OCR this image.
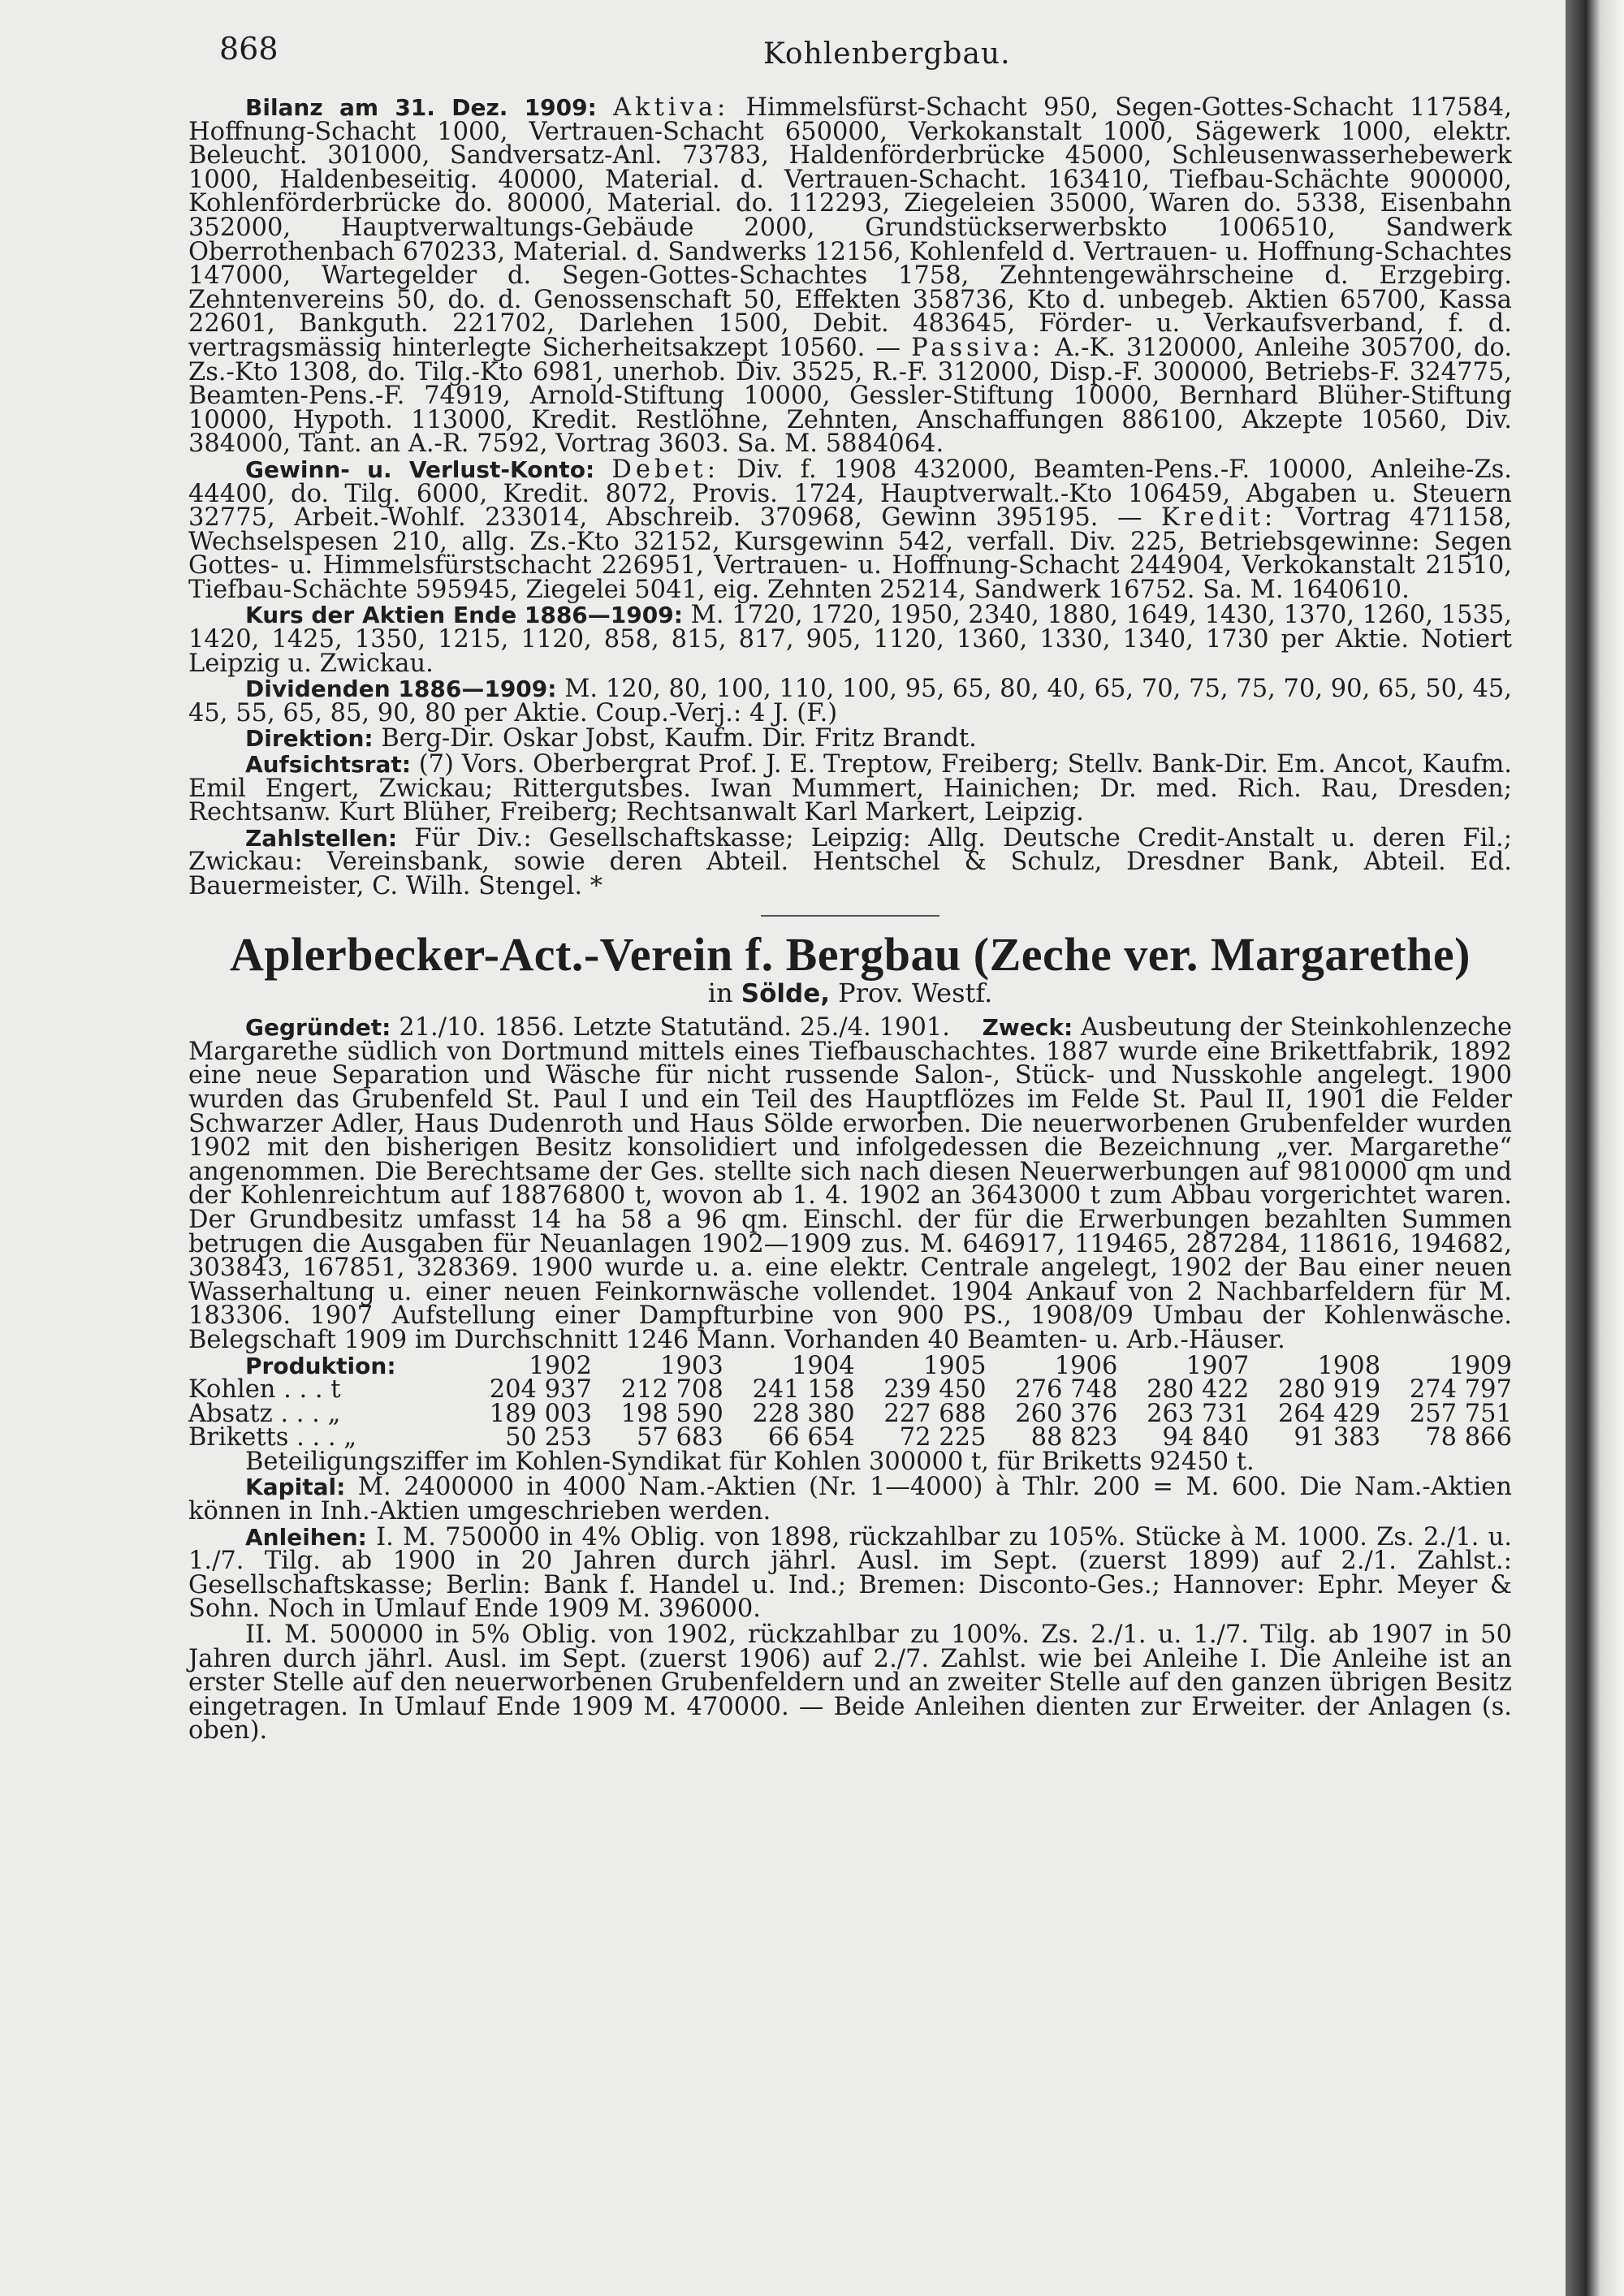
868	Kohlenbergbau.

Bilanz am 31. Dez. 1909: Aktiva: Himmelsfürst-Schacht 950, Segen-Gottes-Schacht 117584, Hoffnung-Schacht 1000, Vertrauen-Schacht 650000, Verkokanstalt 1000, Sägewerk 1000, elektr. Beleucht. 301000, Sandversatz-Anl. 73783, Haldenförderbrücke 45000, Schleusenwasserhebewerk 1000, Haldenbeseitig. 40000, Material. d. Vertrauen-Schacht. 163410, Tiefbau-Schächte 900000, Kohlenförderbrücke do. 80000, Material. do. 112293, Ziegeleien 35000, Waren do. 5338, Eisenbahn 352000, Hauptverwaltungs-Gebäude 2000, Grundstückserwerbskto 1006510, Sandwerk Oberrothenbach 670233, Material. d. Sandwerks 12156, Kohlenfeld d. Vertrauen- u. Hoffnung-Schachtes 147000, Wartegelder d. Segen-Gottes-Schachtes 1758, Zehntengewährscheine d. Erzgebirg. Zehntenvereins 50, do. d. Genossenschaft 50, Effekten 358736, Kto d. unbegeb. Aktien 65700, Kassa 22601, Bankguth. 221702, Darlehen 1500, Debit. 483645, Förder- u. Verkaufsverband, f. d. vertragsmässig hinterlegte Sicherheitsakzept 10560. — Passiva: A.-K. 3120000, Anleihe 305700, do. Zs.-Kto 1308, do. Tilg.-Kto 6981, unerhob. Div. 3525, R.-F. 312000, Disp.-F. 300000, Betriebs-F. 324775, Beamten-Pens.-F. 74919, Arnold-Stiftung 10000, Gessler-Stiftung 10000, Bernhard Blüher-Stiftung 10000, Hypoth. 113000, Kredit. Restlöhne, Zehnten, Anschaffungen 886100, Akzepte 10560, Div. 384000, Tant. an A.-R. 7592, Vortrag 3603. Sa. M. 5884064.

Gewinn- u. Verlust-Konto: Debet: Div. f. 1908 432000, Beamten-Pens.-F. 10000, Anleihe-Zs. 44400, do. Tilg. 6000, Kredit. 8072, Provis. 1724, Hauptverwalt.-Kto 106459, Abgaben u. Steuern 32775, Arbeit.-Wohlf. 233014, Abschreib. 370968, Gewinn 395195. — Kredit: Vortrag 471158, Wechselspesen 210, allg. Zs.-Kto 32152, Kursgewinn 542, verfall. Div. 225, Betriebsgewinne: Segen Gottes- u. Himmelsfürstschacht 226951, Vertrauen- u. Hoffnung-Schacht 244904, Verkokanstalt 21510, Tiefbau-Schächte 595945, Ziegelei 5041, eig. Zehnten 25214, Sandwerk 16752. Sa. M. 1640610.

Kurs der Aktien Ende 1886—1909: M. 1720, 1720, 1950, 2340, 1880, 1649, 1430, 1370, 1260, 1535, 1420, 1425, 1350, 1215, 1120, 858, 815, 817, 905, 1120, 1360, 1330, 1340, 1730 per Aktie. Notiert Leipzig u. Zwickau.

Dividenden 1886—1909: M. 120, 80, 100, 110, 100, 95, 65, 80, 40, 65, 70, 75, 75, 70, 90, 65, 50, 45, 45, 55, 65, 85, 90, 80 per Aktie. Coup.-Verj.: 4 J. (F.)

Direktion: Berg-Dir. Oskar Jobst, Kaufm. Dir. Fritz Brandt.

Aufsichtsrat: (7) Vors. Oberbergrat Prof. J. E. Treptow, Freiberg; Stellv. Bank-Dir. Em. Ancot, Kaufm. Emil Engert, Zwickau; Rittergutsbes. Iwan Mummert, Hainichen; Dr. med. Rich. Rau, Dresden; Rechtsanw. Kurt Blüher, Freiberg; Rechtsanwalt Karl Markert, Leipzig.

Zahlstellen: Für Div.: Gesellschaftskasse; Leipzig: Allg. Deutsche Credit-Anstalt u. deren Fil.; Zwickau: Vereinsbank, sowie deren Abteil. Hentschel & Schulz, Dresdner Bank, Abteil. Ed. Bauermeister, C. Wilh. Stengel. *

Aplerbecker-Act.-Verein f. Bergbau (Zeche ver. Margarethe)
in Sölde, Prov. Westf.

Gegründet: 21./10. 1856. Letzte Statutänd. 25./4. 1901. Zweck: Ausbeutung der Steinkohlenzeche Margarethe südlich von Dortmund mittels eines Tiefbauschachtes. 1887 wurde eine Brikettfabrik, 1892 eine neue Separation und Wäsche für nicht russende Salon-, Stück- und Nusskohle angelegt. 1900 wurden das Grubenfeld St. Paul I und ein Teil des Hauptflözes im Felde St. Paul II, 1901 die Felder Schwarzer Adler, Haus Dudenroth und Haus Sölde erworben. Die neuerworbenen Grubenfelder wurden 1902 mit den bisherigen Besitz konsolidiert und infolgedessen die Bezeichnung „ver. Margarethe“ angenommen. Die Berechtsame der Ges. stellte sich nach diesen Neuerwerbungen auf 9810000 qm und der Kohlenreichtum auf 18876800 t, wovon ab 1. 4. 1902 an 3643000 t zum Abbau vorgerichtet waren. Der Grundbesitz umfasst 14 ha 58 a 96 qm. Einschl. der für die Erwerbungen bezahlten Summen betrugen die Ausgaben für Neuanlagen 1902—1909 zus. M. 646917, 119465, 287284, 118616, 194682, 303843, 167851, 328369. 1900 wurde u. a. eine elektr. Centrale angelegt, 1902 der Bau einer neuen Wasserhaltung u. einer neuen Feinkornwäsche vollendet. 1904 Ankauf von 2 Nachbarfeldern für M. 183306. 1907 Aufstellung einer Dampfturbine von 900 PS., 1908/09 Umbau der Kohlenwäsche. Belegschaft 1909 im Durchschnitt 1246 Mann. Vorhanden 40 Beamten- u. Arb.-Häuser.

Produktion:	1902	1903	1904	1905	1906	1907	1908	1909
Kohlen . . . t	204 937	212 708	241 158	239 450	276 748	280 422	280 919	274 797
Absatz . . . „	189 003	198 590	228 380	227 688	260 376	263 731	264 429	257 751
Briketts . . . „	50 253	57 683	66 654	72 225	88 823	94 840	91 383	78 866

Beteiligungsziffer im Kohlen-Syndikat für Kohlen 300000 t, für Briketts 92450 t.

Kapital: M. 2400000 in 4000 Nam.-Aktien (Nr. 1—4000) à Thlr. 200 = M. 600. Die Nam.-Aktien können in Inh.-Aktien umgeschrieben werden.

Anleihen: I. M. 750000 in 4% Oblig. von 1898, rückzahlbar zu 105%. Stücke à M. 1000. Zs. 2./1. u. 1./7. Tilg. ab 1900 in 20 Jahren durch jährl. Ausl. im Sept. (zuerst 1899) auf 2./1. Zahlst.: Gesellschaftskasse; Berlin: Bank f. Handel u. Ind.; Bremen: Disconto-Ges.; Hannover: Ephr. Meyer & Sohn. Noch in Umlauf Ende 1909 M. 396000.

II. M. 500000 in 5% Oblig. von 1902, rückzahlbar zu 100%. Zs. 2./1. u. 1./7. Tilg. ab 1907 in 50 Jahren durch jährl. Ausl. im Sept. (zuerst 1906) auf 2./7. Zahlst. wie bei Anleihe I. Die Anleihe ist an erster Stelle auf den neuerworbenen Grubenfeldern und an zweiter Stelle auf den ganzen übrigen Besitz eingetragen. In Umlauf Ende 1909 M. 470000. — Beide Anleihen dienten zur Erweiter. der Anlagen (s. oben).
